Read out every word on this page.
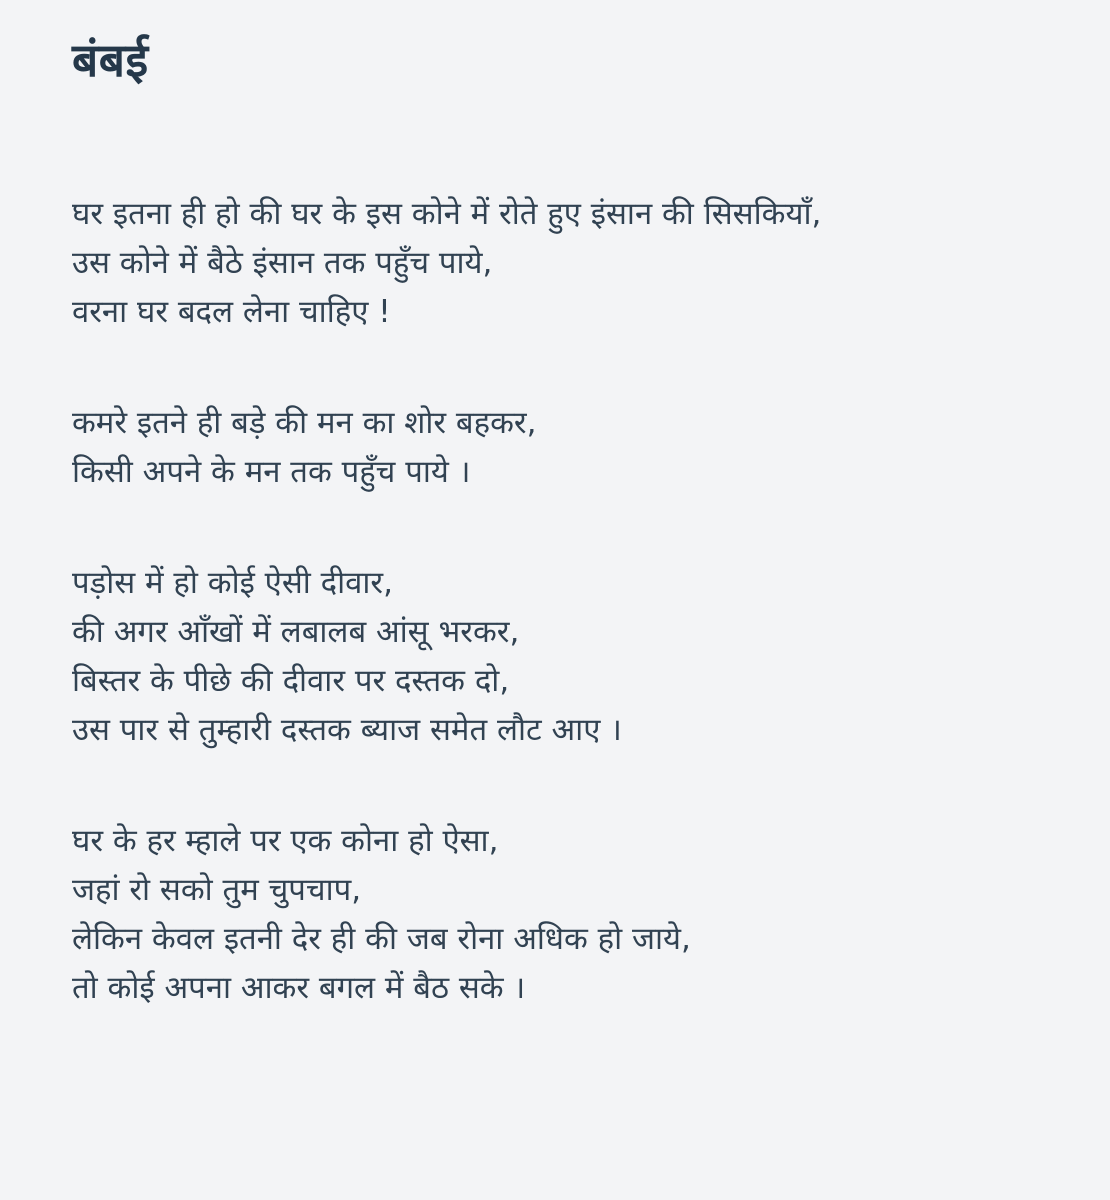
बंबई
घर इतना ही हो की घर के इस कोने में रोते हुए इंसान की सिसकियाँ,
उस कोने में बैठे इंसान तक पहुँच पाये,
वरना घर बदल लेना चाहिए !
कमरे इतने ही बड़े की मन का शोर बहकर,
किसी अपने के मन तक पहुँच पाये ।
पड़ोस में हो कोई ऐसी दीवार,
की अगर आँखों में लबालब आंसू भरकर,
बिस्तर के पीछे की दीवार पर दस्तक दो,
उस पार से तुम्हारी दस्तक ब्याज समेत लौट आए ।
घर के हर म्हाले पर एक कोना हो ऐसा,
जहां रो सको तुम चुपचाप,
लेकिन केवल इतनी देर ही की जब रोना अधिक हो जाये,
तो कोई अपना आकर बगल में बैठ सके ।
